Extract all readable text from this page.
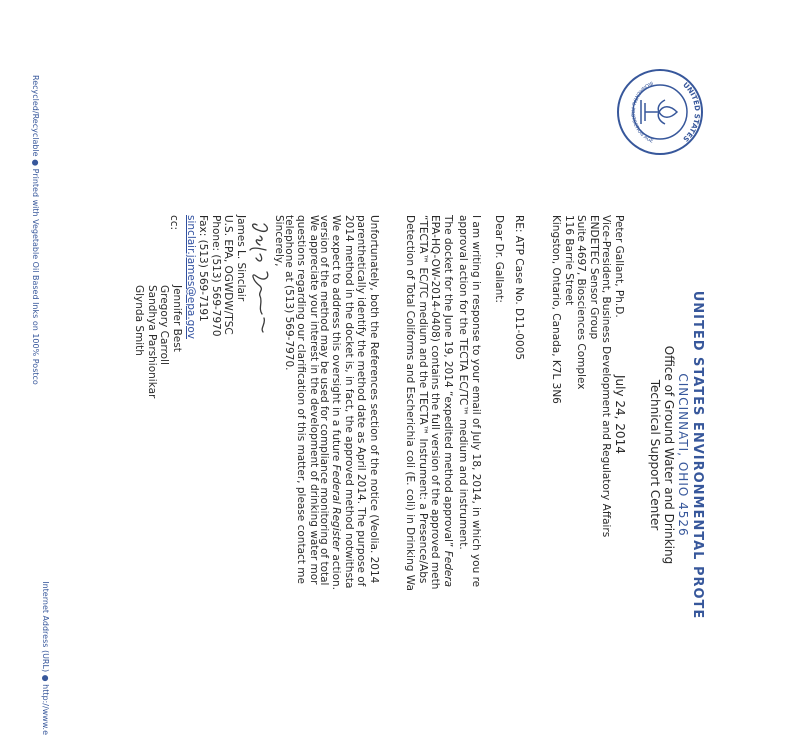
UNITED STATES
IRONMENTAL PROTECTION AGE
UNITED STATES ENVIRONMENTAL PROTE
CINCINNATI, OHIO 4526
Office of Ground Water and Drinking
Technical Support Center
July 24, 2014
Peter Gallant, Ph.D.
Vice-President, Business Development and Regulatory Affairs
ENDETEC Sensor Group
Suite 4697, Biosciences Complex
116 Barrie Street
Kingston, Ontario, Canada, K7L 3N6
RE: ATP Case No. D11-0005
Dear Dr. Gallant:
I am writing in response to your email of July 18, 2014, in which you re
approval action for the TECTA EC/TC™ medium and instrument.
The docket for the June 19, 2014 “expedited method approval” Federa
EPA-HQ-OW-2014-0408) contains the full version of the approved meth
“TECTA™ EC/TC medium and the TECTA™ Instrument: a Presence/Abs
Detection of Total Coliforms and Escherichia coli (E. coli) in Drinking Wa
Unfortunately, both the References section of the notice (Veolia. 2014
parenthetically identify the method date as April 2014. The purpose of
2014 method in the docket is, in fact, the approved method notwithsta
We expect to address this oversight in a future Federal Register action.
version of the method may be used for compliance monitoring of total
We appreciate your interest in the development of drinking water mor
questions regarding our clarification of this matter, please contact me
telephone at (513) 569-7970.
Sincerely,
James L. Sinclair
U.S. EPA, OGWDW/TSC
Phone: (513) 569-7970
Fax: (513) 569-7191
sinclair.james@epa.gov
cc:
Jennifer Best
Gregory Carroll
Sandhya Parshionikar
Glynda Smith
Internet Address (URL) ● http://www.e
Recycled/Recyclable ● Printed with Vegetable Oil Based Inks on 100% Postco
